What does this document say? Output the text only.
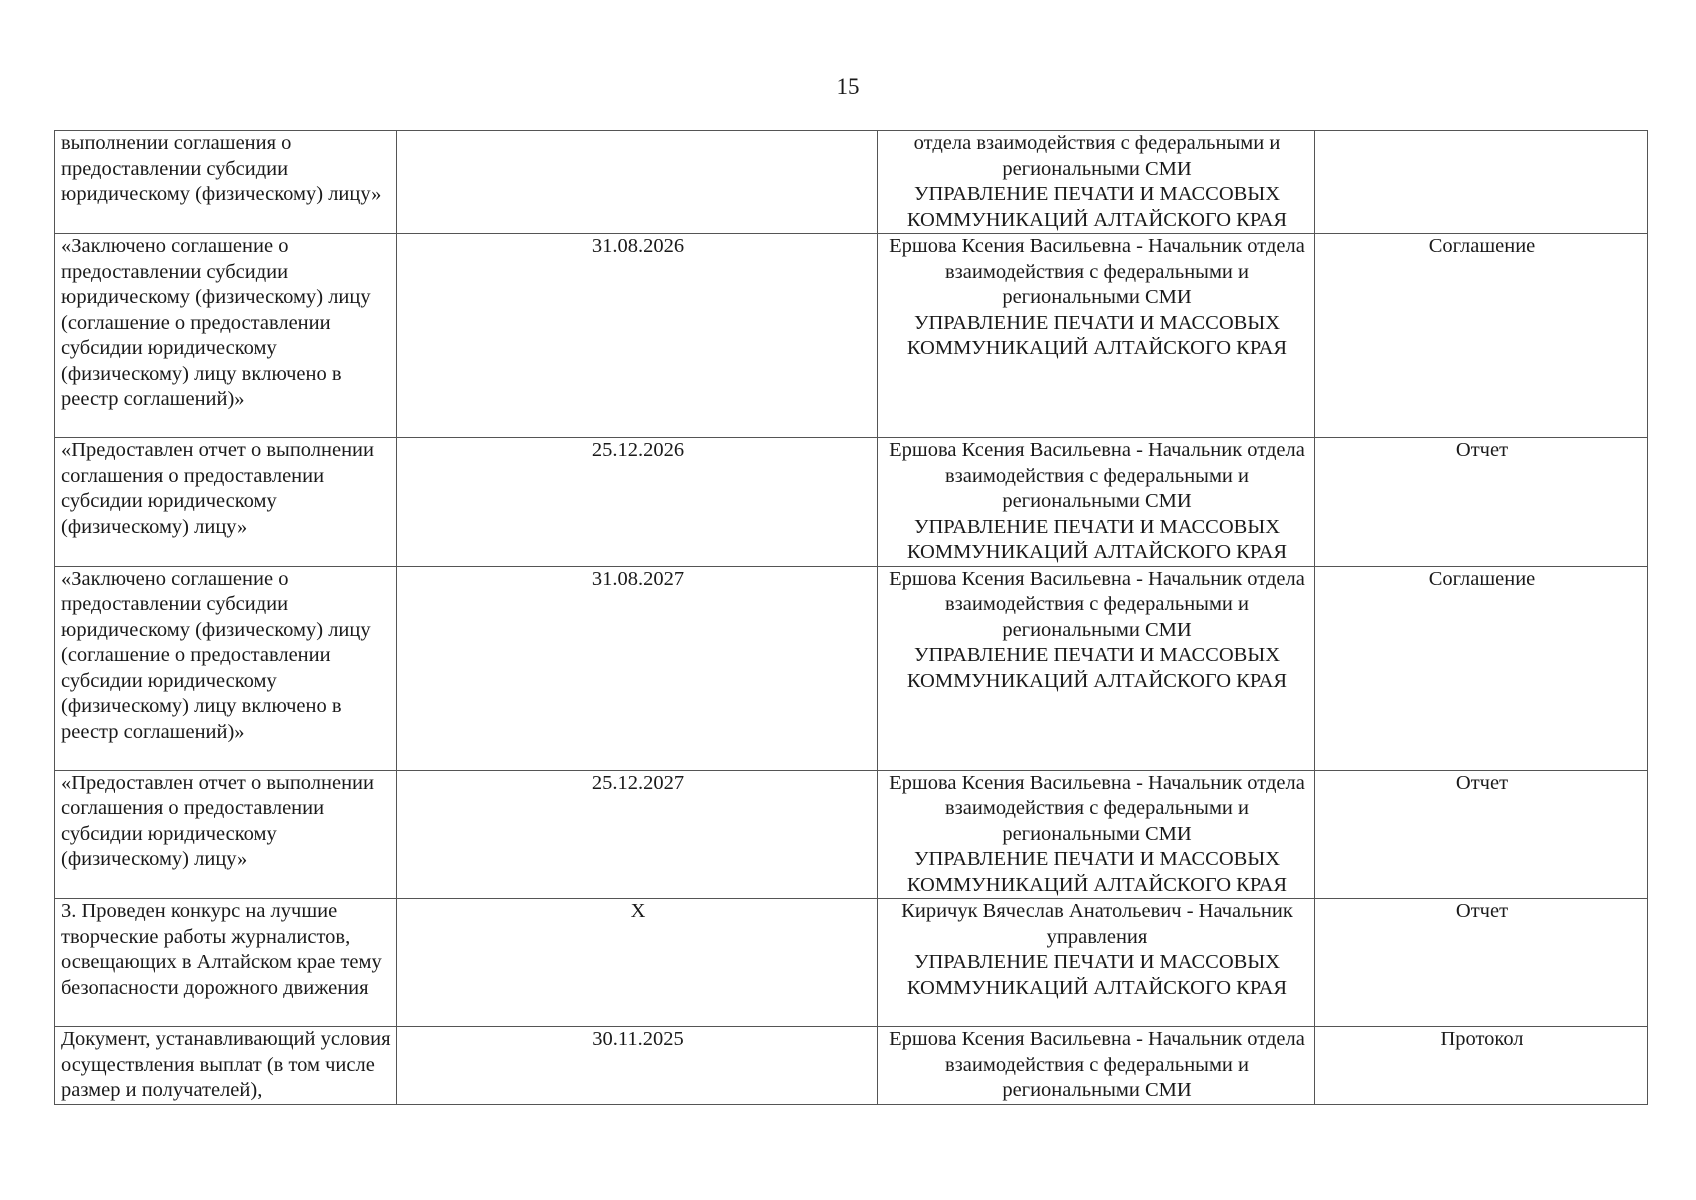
15
выполнении соглашения о предоставлении субсидии юридическому (физическому) лицу»		отдела взаимодействия с федеральными и региональными СМИ
УПРАВЛЕНИЕ ПЕЧАТИ И МАССОВЫХ КОММУНИКАЦИЙ АЛТАЙСКОГО КРАЯ	

«Заключено соглашение о предоставлении субсидии юридическому (физическому) лицу (соглашение о предоставлении субсидии юридическому (физическому) лицу включено в реестр соглашений)»	31.08.2026	Ершова Ксения Васильевна - Начальник отдела взаимодействия с федеральными и региональными СМИ
УПРАВЛЕНИЕ ПЕЧАТИ И МАССОВЫХ КОММУНИКАЦИЙ АЛТАЙСКОГО КРАЯ	Соглашение
«Предоставлен отчет о выполнении соглашения о предоставлении субсидии юридическому (физическому) лицу»	25.12.2026	Ершова Ксения Васильевна - Начальник отдела взаимодействия с федеральными и региональными СМИ
УПРАВЛЕНИЕ ПЕЧАТИ И МАССОВЫХ КОММУНИКАЦИЙ АЛТАЙСКОГО КРАЯ	Отчет
«Заключено соглашение о предоставлении субсидии юридическому (физическому) лицу (соглашение о предоставлении субсидии юридическому (физическому) лицу включено в реестр соглашений)»	31.08.2027	Ершова Ксения Васильевна - Начальник отдела взаимодействия с федеральными и региональными СМИ
УПРАВЛЕНИЕ ПЕЧАТИ И МАССОВЫХ КОММУНИКАЦИЙ АЛТАЙСКОГО КРАЯ	Соглашение
«Предоставлен отчет о выполнении соглашения о предоставлении субсидии юридическому (физическому) лицу»	25.12.2027	Ершова Ксения Васильевна - Начальник отдела взаимодействия с федеральными и региональными СМИ
УПРАВЛЕНИЕ ПЕЧАТИ И МАССОВЫХ КОММУНИКАЦИЙ АЛТАЙСКОГО КРАЯ	Отчет
3. Проведен конкурс на лучшие творческие работы журналистов, освещающих в Алтайском крае тему безопасности дорожного движения	X	Киричук Вячеслав Анатольевич - Начальник управления
УПРАВЛЕНИЕ ПЕЧАТИ И МАССОВЫХ КОММУНИКАЦИЙ АЛТАЙСКОГО КРАЯ	Отчет
Документ, устанавливающий условия осуществления выплат (в том числе размер и получателей),	30.11.2025	Ершова Ксения Васильевна - Начальник отдела взаимодействия с федеральными и региональными СМИ	Протокол
